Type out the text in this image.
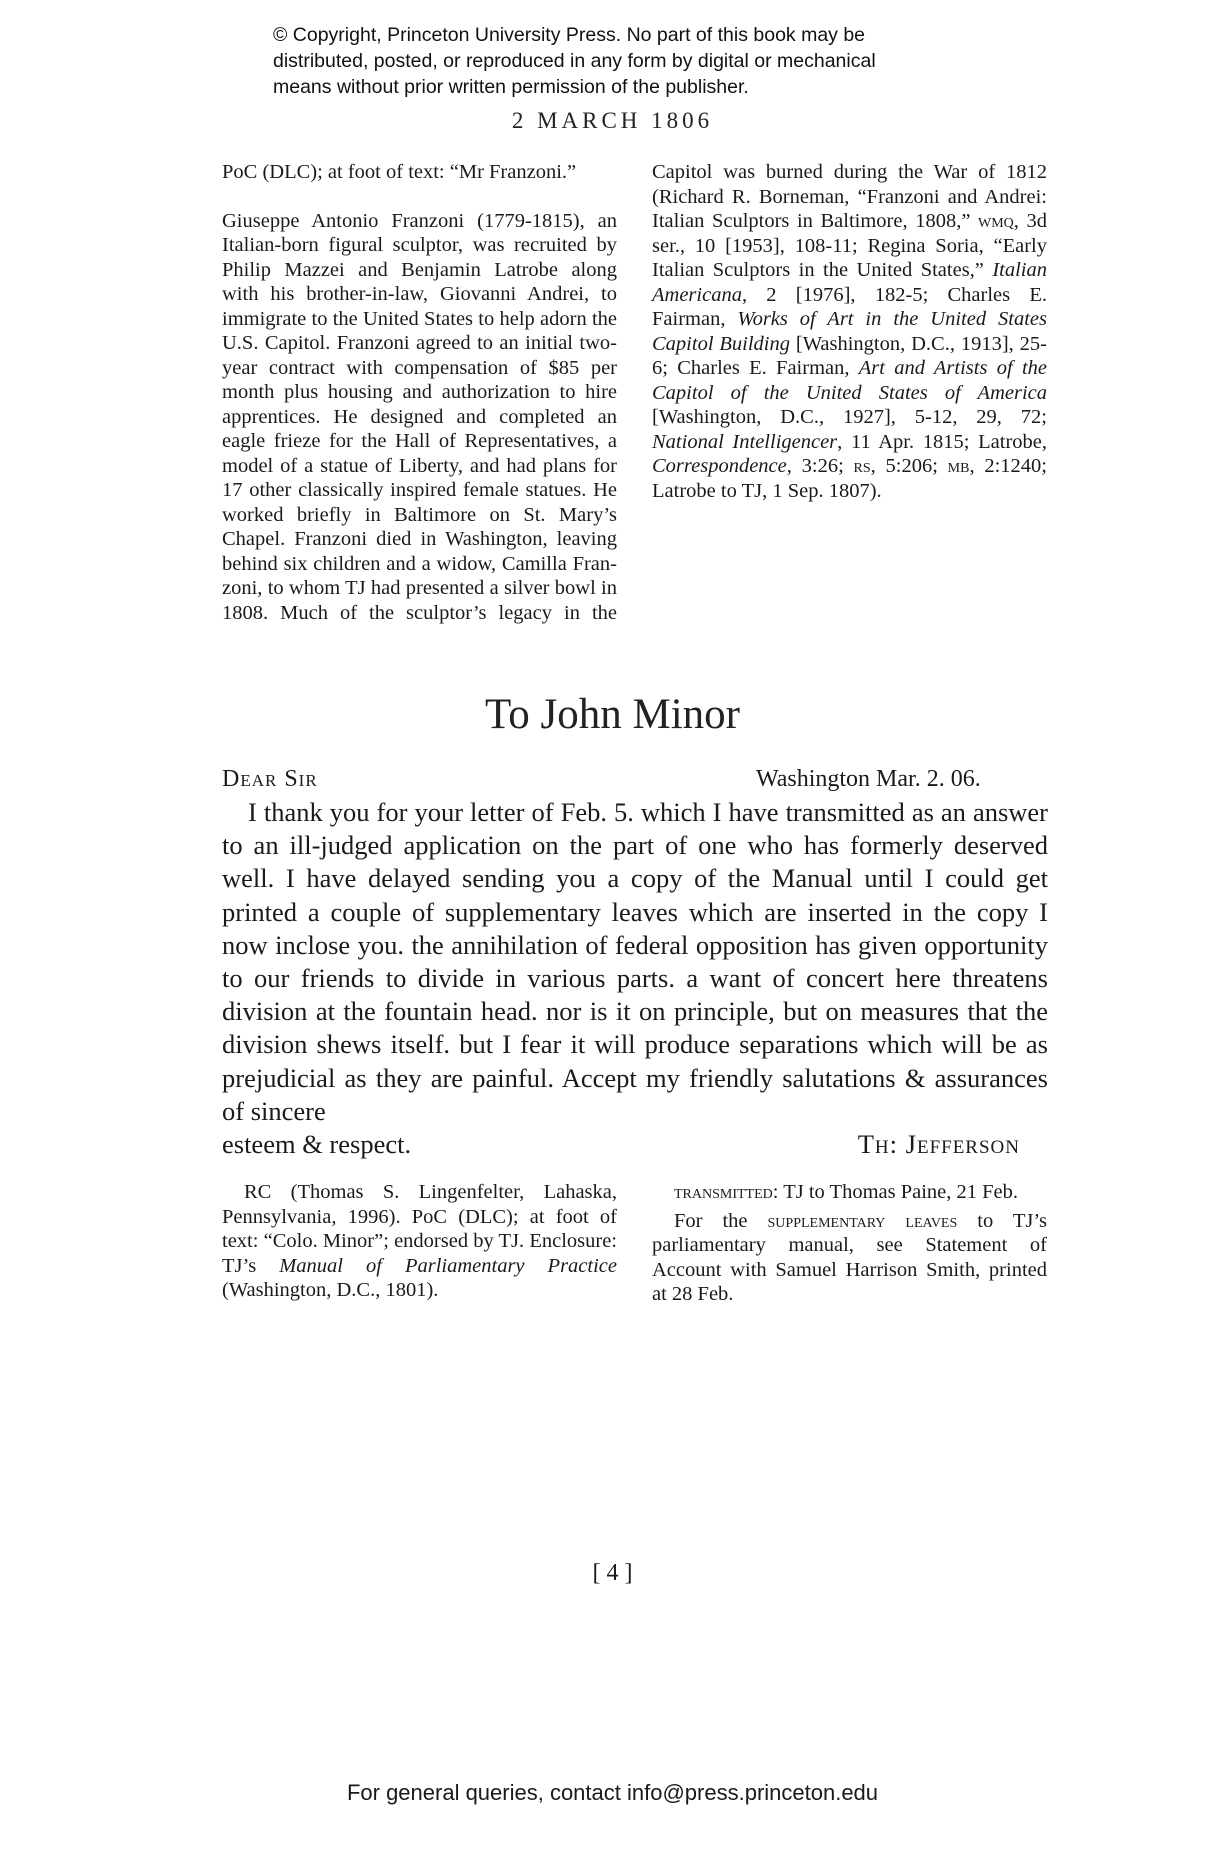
© Copyright, Princeton University Press. No part of this book may be
distributed, posted, or reproduced in any form by digital or mechanical
means without prior written permission of the publisher.
2 MARCH 1806
To John Minor
Dear Sir	Washington Mar. 2. 06.

I thank you for your letter of Feb. 5. which I have transmitted as an answer to an ill-judged application on the part of one who has formerly deserved well. I have delayed sending you a copy of the Manual until I could get printed a couple of supplementary leaves which are inserted in the copy I now inclose you. the annihilation of federal opposition has given opportunity to our friends to divide in various parts. a want of concert here threatens division at the fountain head. nor is it on principle, but on measures that the division shews itself. but I fear it will produce separations which will be as prejudicial as they are painful. Accept my friendly salutations & assurances of sincere

esteem & respect.	Th: Jefferson

RC (Thomas S. Lingenfelter, Lahaska, Pennsylvania, 1996). PoC (DLC); at foot of text: “Colo. Minor”; endorsed by TJ. Enclosure: TJ’s Manual of Parliamentary Practice (Washington, D.C., 1801).

transmitted: TJ to Thomas Paine, 21 Feb.

For the supplementary leaves to TJ’s parliamentary manual, see Statement of Account with Samuel Harrison Smith, printed at 28 Feb.

[ 4 ]
For general queries, contact info@press.princeton.edu

PoC (DLC); at foot of text: “Mr Franzoni.”

Giuseppe Antonio Franzoni (1779-1815), an Italian-born figural sculptor, was recruited by Philip Mazzei and Benjamin Latrobe along with his brother-in-law, Giovanni Andrei, to immigrate to the United States to help adorn the U.S. Capitol. Franzoni agreed to an initial two-year contract with compensation of $85 per month plus housing and authorization to hire apprentices. He designed and completed an eagle frieze for the Hall of Representatives, a model of a statue of Liberty, and had plans for 17 other classically inspired female statues. He worked briefly in Baltimore on St. Mary’s Chapel. Franzoni died in Washington, leaving behind six children and a widow, Camilla Franzoni, to whom TJ had presented a silver bowl in 1808. Much of the sculptor’s legacy in the Capitol was burned during the War of 1812 (Richard R. Borneman, “Franzoni and Andrei: Italian Sculptors in Baltimore, 1808,” wmq, 3d ser., 10 [1953], 108-11; Regina Soria, “Early Italian Sculptors in the United States,” Italian Americana, 2 [1976], 182-5; Charles E. Fairman, Works of Art in the United States Capitol Building [Washington, D.C., 1913], 25-6; Charles E. Fairman, Art and Artists of the Capitol of the United States of America [Washington, D.C., 1927], 5-12, 29, 72; National Intelligencer, 11 Apr. 1815; Latrobe, Correspondence, 3:26; rs, 5:206; mb, 2:1240; Latrobe to TJ, 1 Sep. 1807).
